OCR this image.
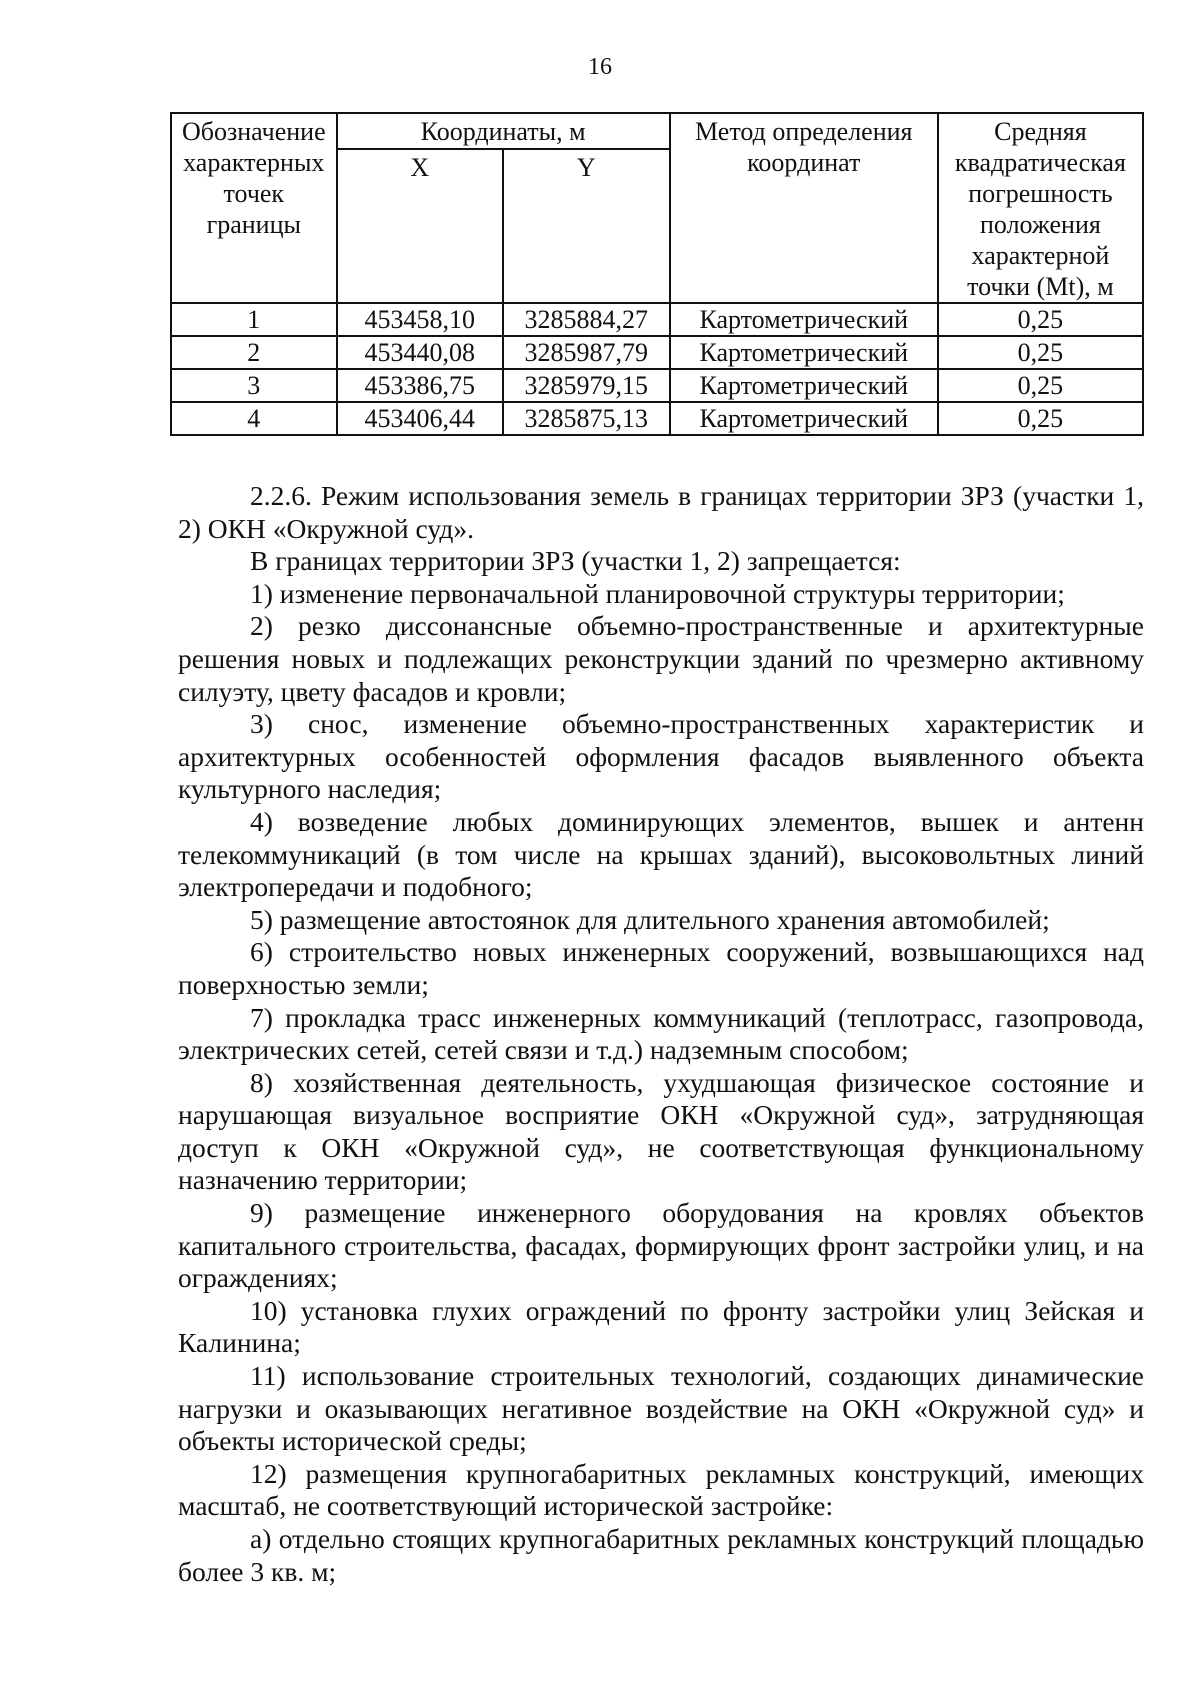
16
Обозначение характерных точек границы	Координаты, м		Метод определения координат	Средняя квадратическая погрешность положения характерной точки (Mt), м
	X	Y		
1	453458,10	3285884,27	Картометрический	0,25
2	453440,08	3285987,79	Картометрический	0,25
3	453386,75	3285979,15	Картометрический	0,25
4	453406,44	3285875,13	Картометрический	0,25

2.2.6. Режим использования земель в границах территории ЗРЗ (участки 1, 2) ОКН «Окружной суд».

В границах территории ЗРЗ (участки 1, 2) запрещается:

1) изменение первоначальной планировочной структуры территории;

2) резко диссонансные объемно-пространственные и архитектурные решения новых и подлежащих реконструкции зданий по чрезмерно активному силуэту, цвету фасадов и кровли;

3) снос, изменение объемно-пространственных характеристик и архитектурных особенностей оформления фасадов выявленного объекта культурного наследия;

4) возведение любых доминирующих элементов, вышек и антенн телекоммуникаций (в том числе на крышах зданий), высоковольтных линий электропередачи и подобного;

5) размещение автостоянок для длительного хранения автомобилей;

6) строительство новых инженерных сооружений, возвышающихся над поверхностью земли;

7) прокладка трасс инженерных коммуникаций (теплотрасс, газопровода, электрических сетей, сетей связи и т.д.) надземным способом;

8) хозяйственная деятельность, ухудшающая физическое состояние и нарушающая визуальное восприятие ОКН «Окружной суд», затрудняющая доступ к ОКН «Окружной суд», не соответствующая функциональному назначению территории;

9) размещение инженерного оборудования на кровлях объектов капитального строительства, фасадах, формирующих фронт застройки улиц, и на ограждениях;

10) установка глухих ограждений по фронту застройки улиц Зейская и Калинина;

11) использование строительных технологий, создающих динамические нагрузки и оказывающих негативное воздействие на ОКН «Окружной суд» и объекты исторической среды;

12) размещения крупногабаритных рекламных конструкций, имеющих масштаб, не соответствующий исторической застройке:

а) отдельно стоящих крупногабаритных рекламных конструкций площадью более 3 кв. м;
